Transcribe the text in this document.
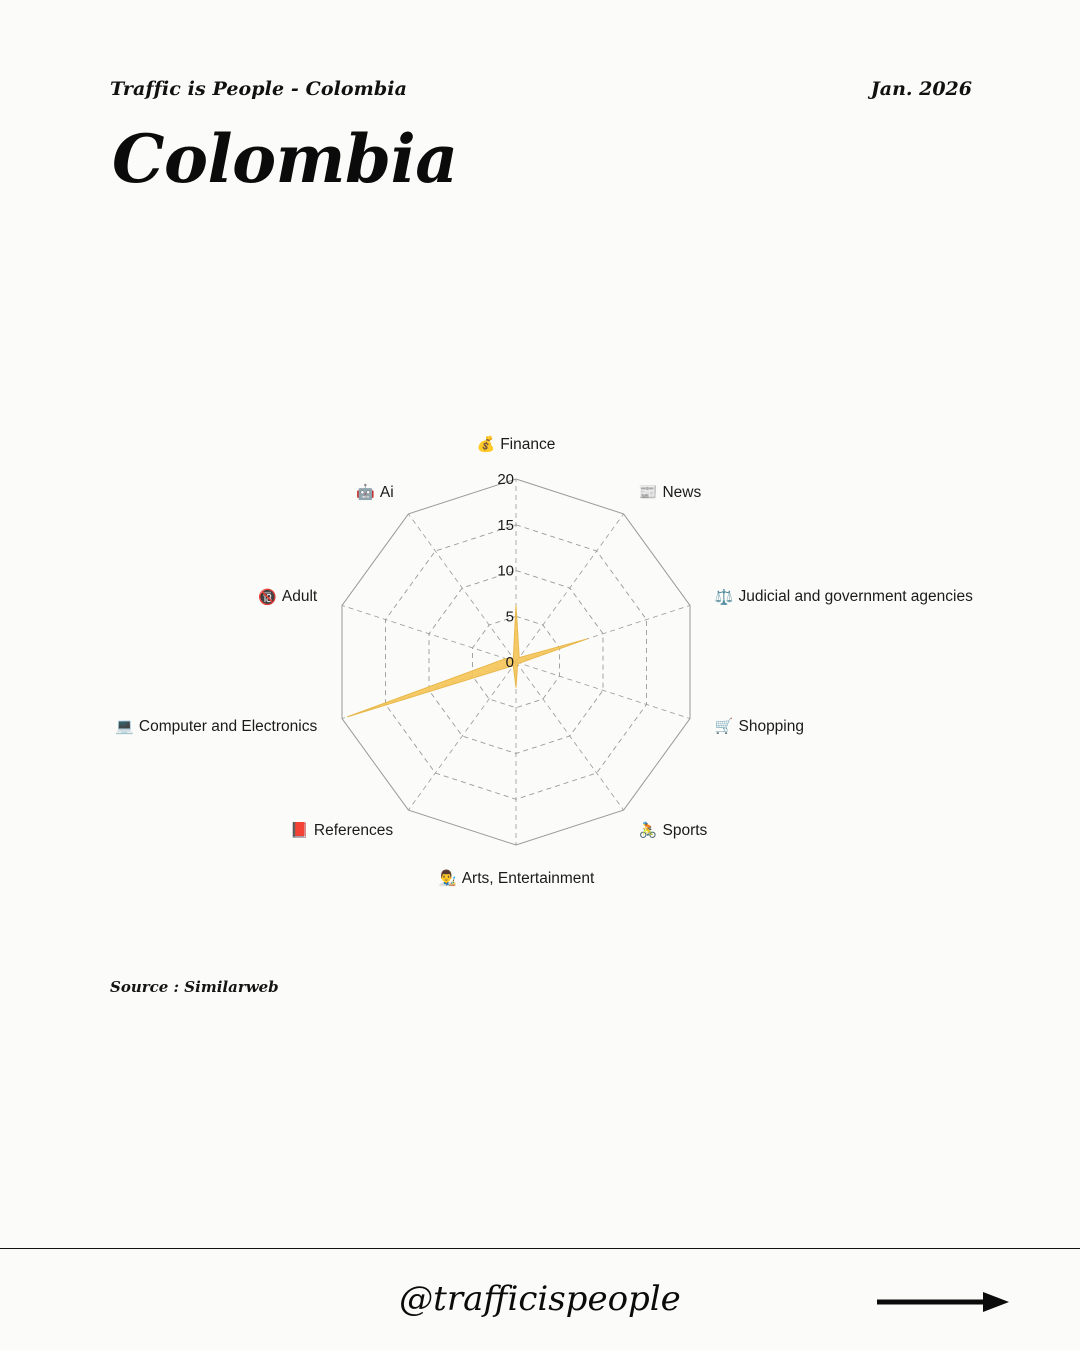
Traffic is People - Colombia	Jan. 2026
Colombia
0
5
10
15
20
💰 Finance
📰 News
⚖️ Judicial and government agencies
🛒 Shopping
🚴 Sports
👨‍🎨 Arts, Entertainment
📕 References
💻 Computer and Electronics
🔞 Adult
🤖 Ai
Source : Similarweb
@trafficispeople
